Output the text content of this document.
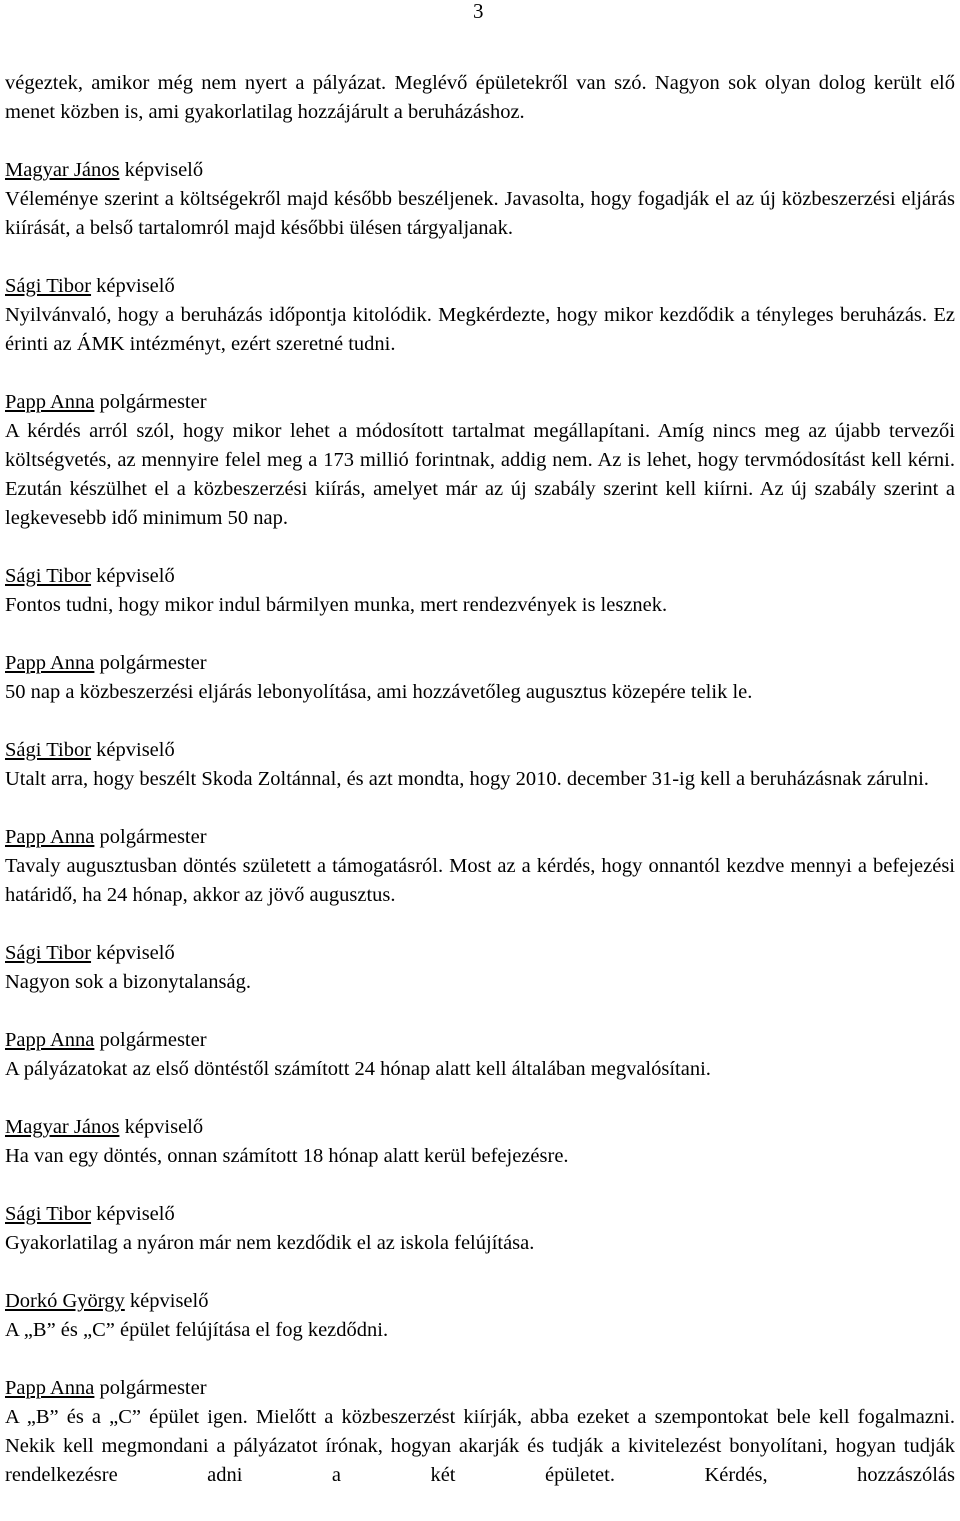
3

végeztek, amikor még nem nyert a pályázat. Meglévő épületekről van szó. Nagyon sok olyan dolog került elő menet közben is, ami gyakorlatilag hozzájárult a beruházáshoz.

Magyar János képviselő

Véleménye szerint a költségekről majd később beszéljenek. Javasolta, hogy fogadják el az új közbeszerzési eljárás kiírását, a belső tartalomról majd későbbi ülésen tárgyaljanak.

Sági Tibor képviselő

Nyilvánvaló, hogy a beruházás időpontja kitolódik. Megkérdezte, hogy mikor kezdődik a tényleges beruházás. Ez érinti az ÁMK intézményt, ezért szeretné tudni.

Papp Anna polgármester

A kérdés arról szól, hogy mikor lehet a módosított tartalmat megállapítani. Amíg nincs meg az újabb tervezői költségvetés, az mennyire felel meg a 173 millió forintnak, addig nem. Az is lehet, hogy tervmódosítást kell kérni. Ezután készülhet el a közbeszerzési kiírás, amelyet már az új szabály szerint kell kiírni. Az új szabály szerint a legkevesebb idő minimum 50 nap.

Sági Tibor képviselő

Fontos tudni, hogy mikor indul bármilyen munka, mert rendezvények is lesznek.

Papp Anna polgármester

50 nap a közbeszerzési eljárás lebonyolítása, ami hozzávetőleg augusztus közepére telik le.

Sági Tibor képviselő

Utalt arra, hogy beszélt Skoda Zoltánnal, és azt mondta, hogy 2010. december 31-ig kell a beruházásnak zárulni.

Papp Anna polgármester

Tavaly augusztusban döntés született a támogatásról. Most az a kérdés, hogy onnantól kezdve mennyi a befejezési határidő, ha 24 hónap, akkor az jövő augusztus.

Sági Tibor képviselő

Nagyon sok a bizonytalanság.

Papp Anna polgármester

A pályázatokat az első döntéstől számított 24 hónap alatt kell általában megvalósítani.

Magyar János képviselő

Ha van egy döntés, onnan számított 18 hónap alatt kerül befejezésre.

Sági Tibor képviselő

Gyakorlatilag a nyáron már nem kezdődik el az iskola felújítása.

Dorkó György képviselő

A „B” és „C” épület felújítása el fog kezdődni.

Papp Anna polgármester

A „B” és a „C” épület igen. Mielőtt a közbeszerzést kiírják, abba ezeket a szempontokat bele kell fogalmazni. Nekik kell megmondani a pályázatot írónak, hogyan akarják és tudják a kivitelezést bonyolítani, hogyan tudják rendelkezésre adni a két épületet. Kérdés, hozzászólás
